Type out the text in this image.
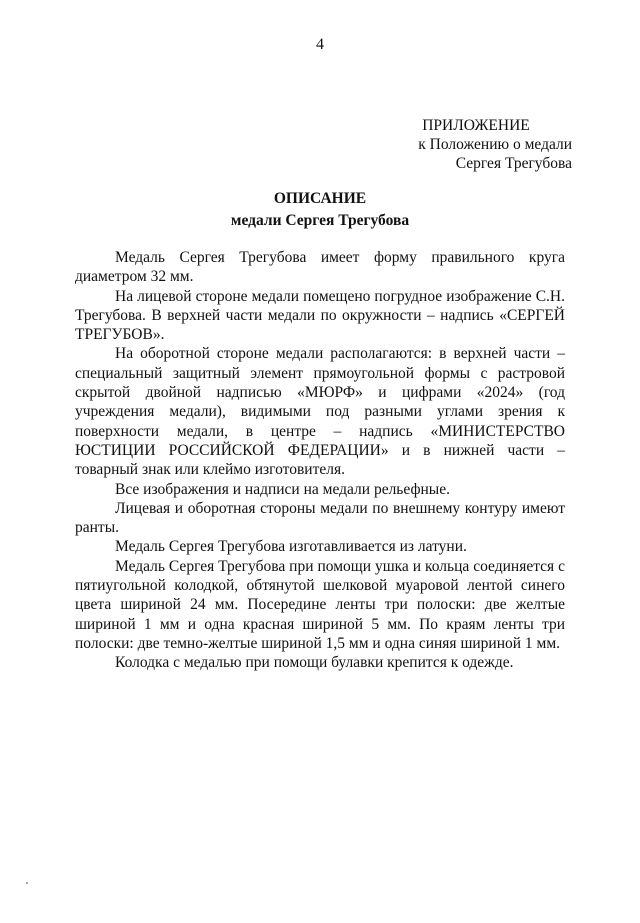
4
ПРИЛОЖЕНИЕ
к Положению о медали
Сергея Трегубова
ОПИСАНИЕ
медали Сергея Трегубова

Медаль Сергея Трегубова имеет форму правильного круга диаметром 32 мм.

На лицевой стороне медали помещено погрудное изображение С.Н. Трегубова. В верхней части медали по окружности – надпись «СЕРГЕЙ ТРЕГУБОВ».

На оборотной стороне медали располагаются: в верхней части – специальный защитный элемент прямоугольной формы с растровой скрытой двойной надписью «МЮРФ» и цифрами «2024» (год учреждения медали), видимыми под разными углами зрения к поверхности медали, в центре – надпись «МИНИСТЕРСТВО ЮСТИЦИИ РОССИЙСКОЙ ФЕДЕРАЦИИ» и в нижней части – товарный знак или клеймо изготовителя.

Все изображения и надписи на медали рельефные.

Лицевая и оборотная стороны медали по внешнему контуру имеют ранты.

Медаль Сергея Трегубова изготавливается из латуни.

Медаль Сергея Трегубова при помощи ушка и кольца соединяется с пятиугольной колодкой, обтянутой шелковой муаровой лентой синего цвета шириной 24 мм. Посередине ленты три полоски: две желтые шириной 1 мм и одна красная шириной 5 мм. По краям ленты три полоски: две темно-желтые шириной 1,5 мм и одна синяя шириной 1 мм.

Колодка с медалью при помощи булавки крепится к одежде.
